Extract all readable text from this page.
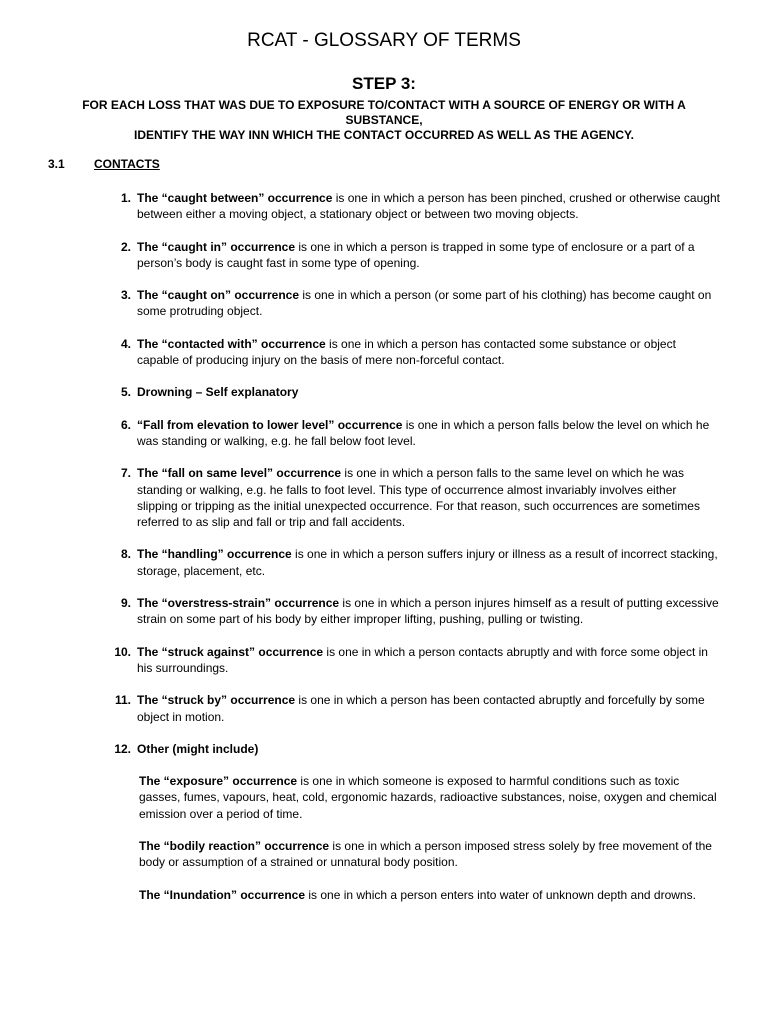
RCAT - GLOSSARY OF TERMS
STEP 3:
FOR EACH LOSS THAT WAS DUE TO EXPOSURE TO/CONTACT WITH A SOURCE OF ENERGY OR WITH A SUBSTANCE,
IDENTIFY THE WAY INN WHICH THE CONTACT OCCURRED AS WELL AS THE AGENCY.
3.1 CONTACTS
1. The “caught between” occurrence is one in which a person has been pinched, crushed or otherwise caught between either a moving object, a stationary object or between two moving objects.
2. The “caught in” occurrence is one in which a person is trapped in some type of enclosure or a part of a person’s body is caught fast in some type of opening.
3. The “caught on” occurrence is one in which a person (or some part of his clothing) has become caught on some protruding object.
4. The “contacted with” occurrence is one in which a person has contacted some substance or object capable of producing injury on the basis of mere non-forceful contact.
5. Drowning – Self explanatory
6. “Fall from elevation to lower level” occurrence is one in which a person falls below the level on which he was standing or walking, e.g. he fall below foot level.
7. The “fall on same level” occurrence is one in which a person falls to the same level on which he was standing or walking, e.g. he falls to foot level. This type of occurrence almost invariably involves either slipping or tripping as the initial unexpected occurrence. For that reason, such occurrences are sometimes referred to as slip and fall or trip and fall accidents.
8. The “handling” occurrence is one in which a person suffers injury or illness as a result of incorrect stacking, storage, placement, etc.
9. The “overstress-strain” occurrence is one in which a person injures himself as a result of putting excessive strain on some part of his body by either improper lifting, pushing, pulling or twisting.
10. The “struck against” occurrence is one in which a person contacts abruptly and with force some object in his surroundings.
11. The “struck by” occurrence is one in which a person has been contacted abruptly and forcefully by some object in motion.
12. Other (might include)
The “exposure” occurrence is one in which someone is exposed to harmful conditions such as toxic gasses, fumes, vapours, heat, cold, ergonomic hazards, radioactive substances, noise, oxygen and chemical emission over a period of time.
The “bodily reaction” occurrence is one in which a person imposed stress solely by free movement of the body or assumption of a strained or unnatural body position.
The “Inundation” occurrence is one in which a person enters into water of unknown depth and drowns.
